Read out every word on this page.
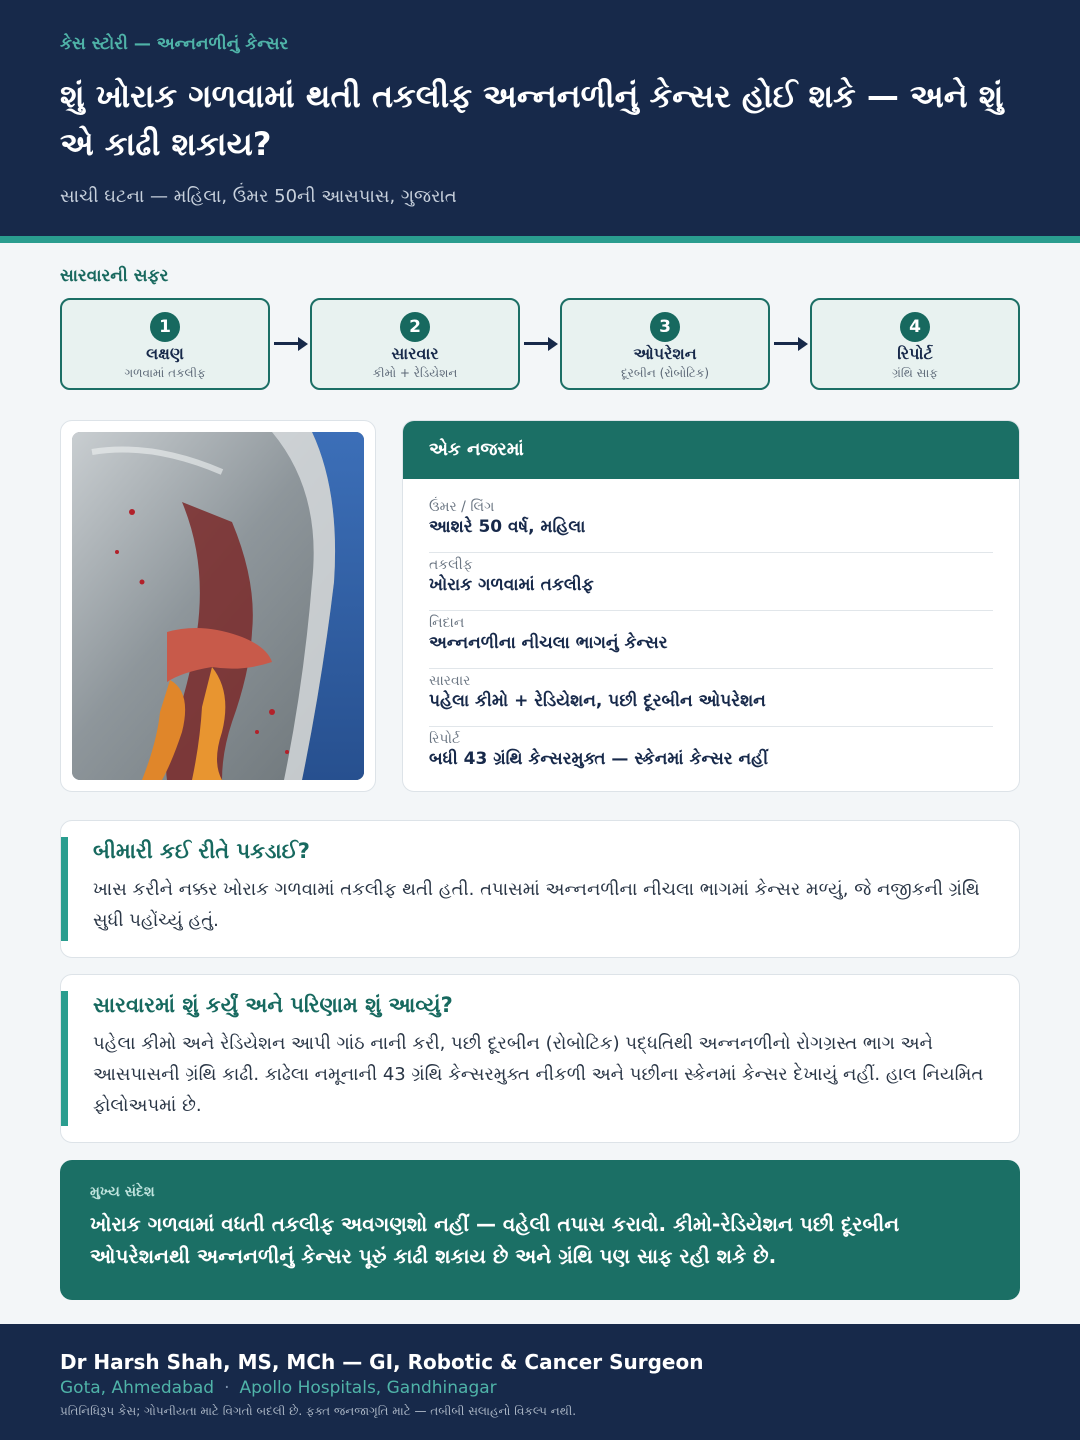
કેસ સ્ટોરી — અન્નનળીનું કેન્સર
શું ખોરાક ગળવામાં થતી તકલીફ અન્નનળીનું કેન્સર હોઈ શકે — અને શું એ કાઢી શકાય?
સાચી ઘટના — મહિલા, ઉંમર 50ની આસપાસ, ગુજરાત
સારવારની સફર
1
લક્ષણ
ગળવામાં તકલીફ
2
સારવાર
કીમો + રેડિયેશન
3
ઓપરેશન
દૂરબીન (રોબોટિક)
4
રિપોર્ટ
ગ્રંથિ સાફ
એક નજરમાં
ઉંમર / લિંગ
આશરે 50 વર્ષ, મહિલા
તકલીફ
ખોરાક ગળવામાં તકલીફ
નિદાન
અન્નનળીના નીચલા ભાગનું કેન્સર
સારવાર
પહેલા કીમો + રેડિયેશન, પછી દૂરબીન ઓપરેશન
રિપોર્ટ
બધી 43 ગ્રંથિ કેન્સરમુક્ત — સ્કેનમાં કેન્સર નહીં
બીમારી કઈ રીતે પકડાઈ?
ખાસ કરીને નક્કર ખોરાક ગળવામાં તકલીફ થતી હતી. તપાસમાં અન્નનળીના નીચલા ભાગમાં કેન્સર મળ્યું, જે નજીકની ગ્રંથિ સુધી પહોંચ્યું હતું.
સારવારમાં શું કર્યું અને પરિણામ શું આવ્યું?
પહેલા કીમો અને રેડિયેશન આપી ગાંઠ નાની કરી, પછી દૂરબીન (રોબોટિક) પદ્ધતિથી અન્નનળીનો રોગગ્રસ્ત ભાગ અને આસપાસની ગ્રંથિ કાઢી. કાઢેલા નમૂનાની 43 ગ્રંથિ કેન્સરમુક્ત નીકળી અને પછીના સ્કેનમાં કેન્સર દેખાયું નહીં. હાલ નિયમિત ફોલોઅપમાં છે.
મુખ્ય સંદેશ
ખોરાક ગળવામાં વધતી તકલીફ અવગણશો નહીં — વહેલી તપાસ કરાવો. કીમો-રેડિયેશન પછી દૂરબીન ઓપરેશનથી અન્નનળીનું કેન્સર પૂરું કાઢી શકાય છે અને ગ્રંથિ પણ સાફ રહી શકે છે.
Dr Harsh Shah, MS, MCh — GI, Robotic & Cancer Surgeon
Gota, Ahmedabad · Apollo Hospitals, Gandhinagar
પ્રતિનિધિરૂપ કેસ; ગોપનીયતા માટે વિગતો બદલી છે. ફક્ત જનજાગૃતિ માટે — તબીબી સલાહનો વિકલ્પ નથી.
